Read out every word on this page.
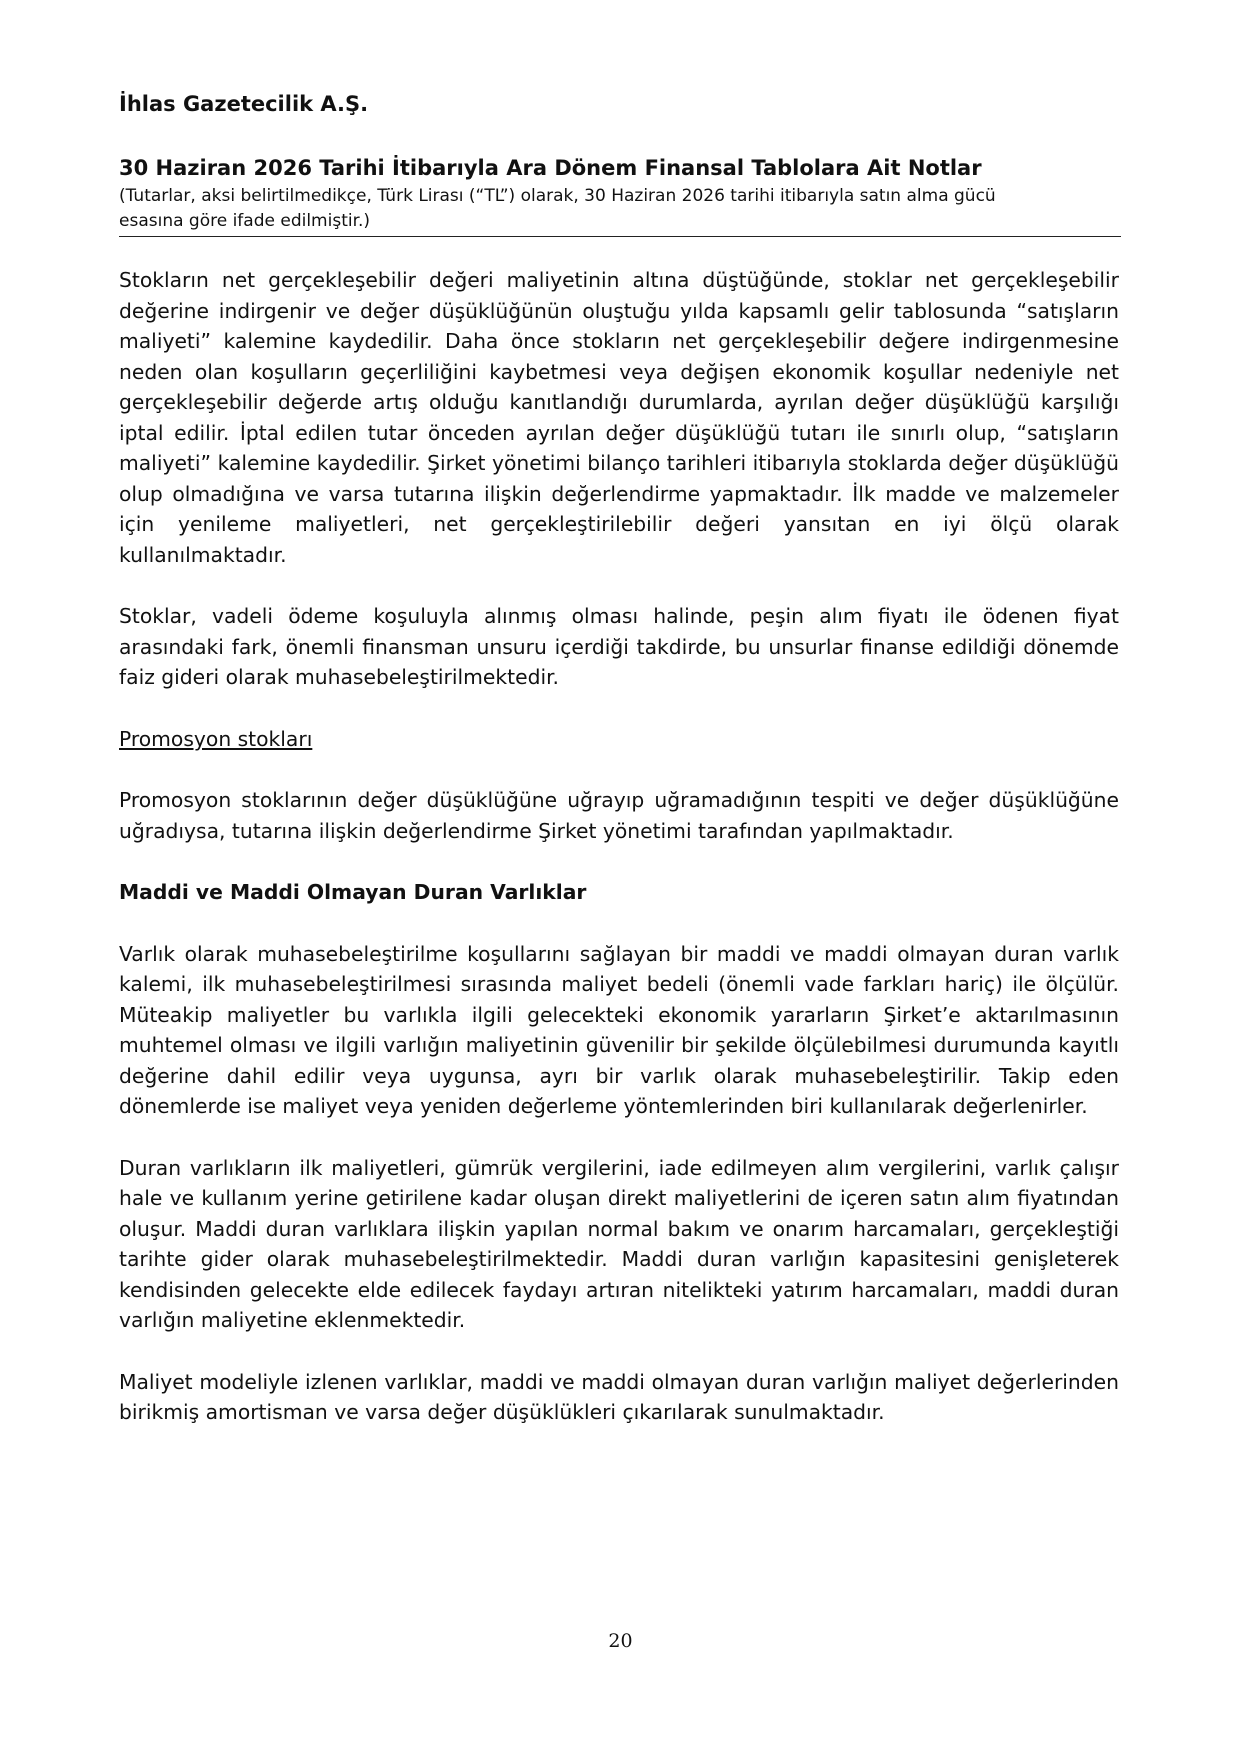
İhlas Gazetecilik A.Ş.

30 Haziran 2026 Tarihi İtibarıyla Ara Dönem Finansal Tablolara Ait Notlar

(Tutarlar, aksi belirtilmedikçe, Türk Lirası (“TL”) olarak, 30 Haziran 2026 tarihi itibarıyla satın alma gücü esasına göre ifade edilmiştir.)

Stokların net gerçekleşebilir değeri maliyetinin altına düştüğünde, stoklar net gerçekleşebilir değerine indirgenir ve değer düşüklüğünün oluştuğu yılda kapsamlı gelir tablosunda “satışların maliyeti” kalemine kaydedilir. Daha önce stokların net gerçekleşebilir değere indirgenmesine neden olan koşulların geçerliliğini kaybetmesi veya değişen ekonomik koşullar nedeniyle net gerçekleşebilir değerde artış olduğu kanıtlandığı durumlarda, ayrılan değer düşüklüğü karşılığı iptal edilir. İptal edilen tutar önceden ayrılan değer düşüklüğü tutarı ile sınırlı olup, “satışların maliyeti” kalemine kaydedilir. Şirket yönetimi bilanço tarihleri itibarıyla stoklarda değer düşüklüğü olup olmadığına ve varsa tutarına ilişkin değerlendirme yapmaktadır. İlk madde ve malzemeler için yenileme maliyetleri, net gerçekleştirilebilir değeri yansıtan en iyi ölçü olarak kullanılmaktadır.

Stoklar, vadeli ödeme koşuluyla alınmış olması halinde, peşin alım fiyatı ile ödenen fiyat arasındaki fark, önemli finansman unsuru içerdiği takdirde, bu unsurlar finanse edildiği dönemde faiz gideri olarak muhasebeleştirilmektedir.

Promosyon stokları

Promosyon stoklarının değer düşüklüğüne uğrayıp uğramadığının tespiti ve değer düşüklüğüne uğradıysa, tutarına ilişkin değerlendirme Şirket yönetimi tarafından yapılmaktadır.

Maddi ve Maddi Olmayan Duran Varlıklar

Varlık olarak muhasebeleştirilme koşullarını sağlayan bir maddi ve maddi olmayan duran varlık kalemi, ilk muhasebeleştirilmesi sırasında maliyet bedeli (önemli vade farkları hariç) ile ölçülür. Müteakip maliyetler bu varlıkla ilgili gelecekteki ekonomik yararların Şirket’e aktarılmasının muhtemel olması ve ilgili varlığın maliyetinin güvenilir bir şekilde ölçülebilmesi durumunda kayıtlı değerine dahil edilir veya uygunsa, ayrı bir varlık olarak muhasebeleştirilir. Takip eden dönemlerde ise maliyet veya yeniden değerleme yöntemlerinden biri kullanılarak değerlenirler.

Duran varlıkların ilk maliyetleri, gümrük vergilerini, iade edilmeyen alım vergilerini, varlık çalışır hale ve kullanım yerine getirilene kadar oluşan direkt maliyetlerini de içeren satın alım fiyatından oluşur. Maddi duran varlıklara ilişkin yapılan normal bakım ve onarım harcamaları, gerçekleştiği tarihte gider olarak muhasebeleştirilmektedir. Maddi duran varlığın kapasitesini genişleterek kendisinden gelecekte elde edilecek faydayı artıran nitelikteki yatırım harcamaları, maddi duran varlığın maliyetine eklenmektedir.

Maliyet modeliyle izlenen varlıklar, maddi ve maddi olmayan duran varlığın maliyet değerlerinden birikmiş amortisman ve varsa değer düşüklükleri çıkarılarak sunulmaktadır.

20
